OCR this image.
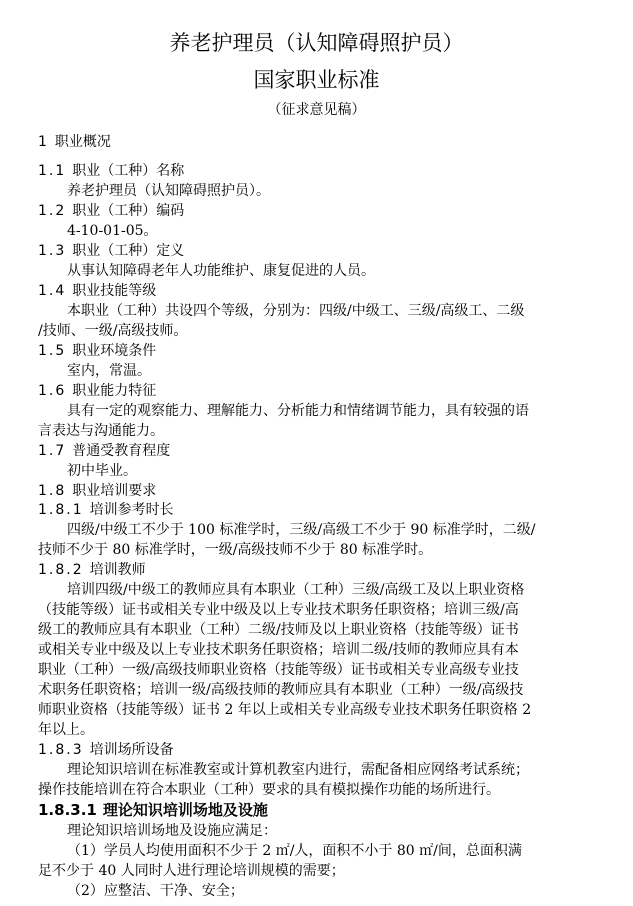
养老护理员（认知障碍照护员）
国家职业标准
（征求意见稿）
1 职业概况
1.1 职业（工种）名称
养老护理员（认知障碍照护员）。
1.2 职业（工种）编码
4-10-01-05。
1.3 职业（工种）定义
从事认知障碍老年人功能维护、康复促进的人员。
1.4 职业技能等级
本职业（工种）共设四个等级，分别为：四级/中级工、三级/高级工、二级
/技师、一级/高级技师。
1.5 职业环境条件
室内，常温。
1.6 职业能力特征
具有一定的观察能力、理解能力、分析能力和情绪调节能力，具有较强的语
言表达与沟通能力。
1.7 普通受教育程度
初中毕业。
1.8 职业培训要求
1.8.1 培训参考时长
四级/中级工不少于 100 标准学时，三级/高级工不少于 90 标准学时，二级/
技师不少于 80 标准学时，一级/高级技师不少于 80 标准学时。
1.8.2 培训教师
培训四级/中级工的教师应具有本职业（工种）三级/高级工及以上职业资格
（技能等级）证书或相关专业中级及以上专业技术职务任职资格；培训三级/高
级工的教师应具有本职业（工种）二级/技师及以上职业资格（技能等级）证书
或相关专业中级及以上专业技术职务任职资格；培训二级/技师的教师应具有本
职业（工种）一级/高级技师职业资格（技能等级）证书或相关专业高级专业技
术职务任职资格；培训一级/高级技师的教师应具有本职业（工种）一级/高级技
师职业资格（技能等级）证书 2 年以上或相关专业高级专业技术职务任职资格 2
年以上。
1.8.3 培训场所设备
理论知识培训在标准教室或计算机教室内进行，需配备相应网络考试系统；
操作技能培训在符合本职业（工种）要求的具有模拟操作功能的场所进行。
1.8.3.1 理论知识培训场地及设施
理论知识培训场地及设施应满足：
（1）学员人均使用面积不少于 2 ㎡/人，面积不小于 80 ㎡/间，总面积满
足不少于 40 人同时人进行理论培训规模的需要；
（2）应整洁、干净、安全；
